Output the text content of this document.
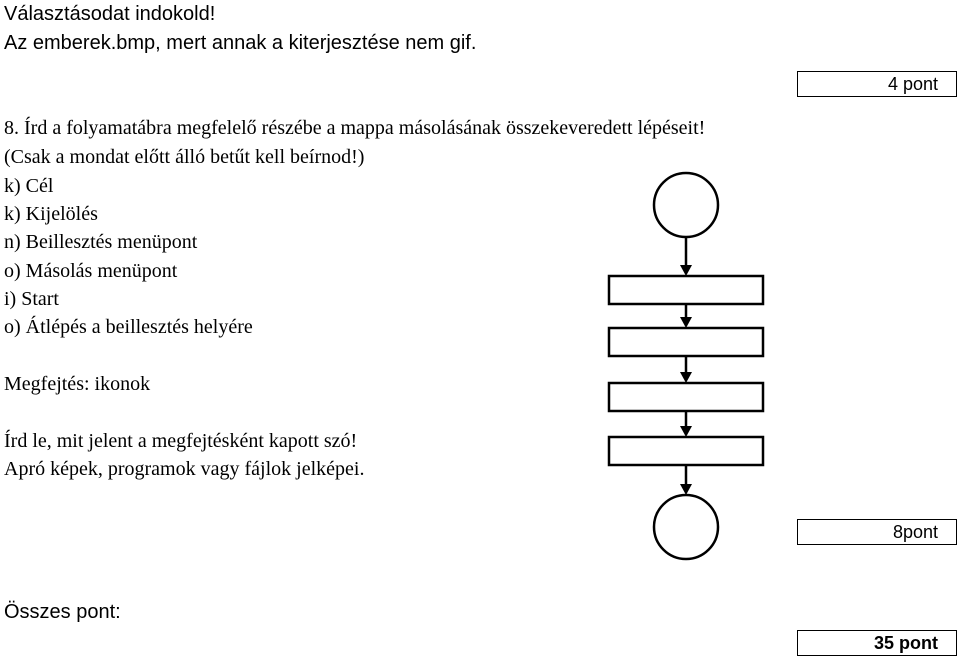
Választásodat indokold!
Az emberek.bmp, mert annak a kiterjesztése nem gif.
4 pont
8. Írd a folyamatábra megfelelő részébe a mappa másolásának összekeveredett lépéseit!
(Csak a mondat előtt álló betűt kell beírnod!)
k) Cél
k) Kijelölés
n) Beillesztés menüpont
o) Másolás menüpont
i) Start
o) Átlépés a beillesztés helyére
Megfejtés: ikonok
Írd le, mit jelent a megfejtésként kapott szó!
Apró képek, programok vagy fájlok jelképei.
8pont
Összes pont:
35 pont
